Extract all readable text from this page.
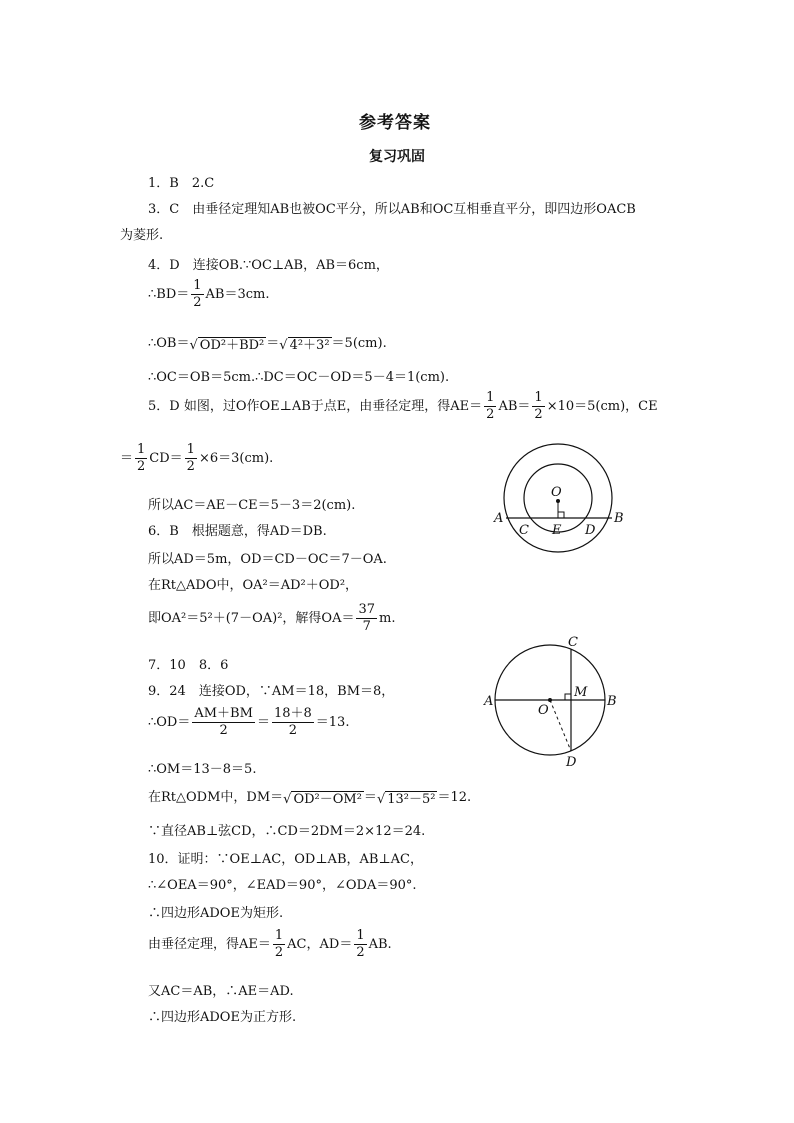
参考答案
复习巩固
1．B　2.C
3．C　由垂径定理知AB也被OC平分，所以AB和OC互相垂直平分，即四边形OACB
为菱形.
4．D　连接OB.∵OC⊥AB，AB＝6cm，
∴BD＝ $\frac{1}{2} AB=3cm$.
∴OB＝√ OD²＋BD² ＝√ 4²＋3² ＝5(cm).
∴OC＝OB＝5cm.∴DC＝OC－OD＝5－4＝1(cm).
5．D 如图，过O作OE⊥AB于点E，由垂径定理，得$AE= \frac{1}{2} AB= \frac{1}{2} \times 10=5(cm)$，CE
＝ $\frac{1}{2} CD= \frac{1}{2} \times 6=3(cm)$.
所以AC＝AE－CE＝5－3＝2(cm).
6．B　根据题意，得AD＝DB.
所以AD＝5m，OD＝CD－OC＝7－OA.
在Rt△ADO中，OA²＝AD²＋OD²，
即OA²＝5²＋(7－OA)²，解得$OA= \frac{37}{7} m$.
7．10　8．6
9．24　连接OD，∵AM＝18，BM＝8，
∴OD＝ $\frac{AM+BM}{2} = \frac{18+8}{2} =13$.
∴OM＝13－8＝5.
在Rt△ODM中，DM＝√ OD²－OM² ＝√ 13²－5² ＝12.
∵直径AB⊥弦CD，∴CD＝2DM＝2×12＝24.
10．证明：∵OE⊥AC，OD⊥AB，AB⊥AC，
∴∠OEA＝90°，∠EAD＝90°，∠ODA＝90°.
∴四边形ADOE为矩形.
由垂径定理，得$AE= \frac{1}{2}$ AC，$AD= \frac{1}{2}$ AB.
又AC＝AB，∴AE＝AD.
∴四边形ADOE为正方形.
O
A
C E D
B
C
A
O
M
B
D
